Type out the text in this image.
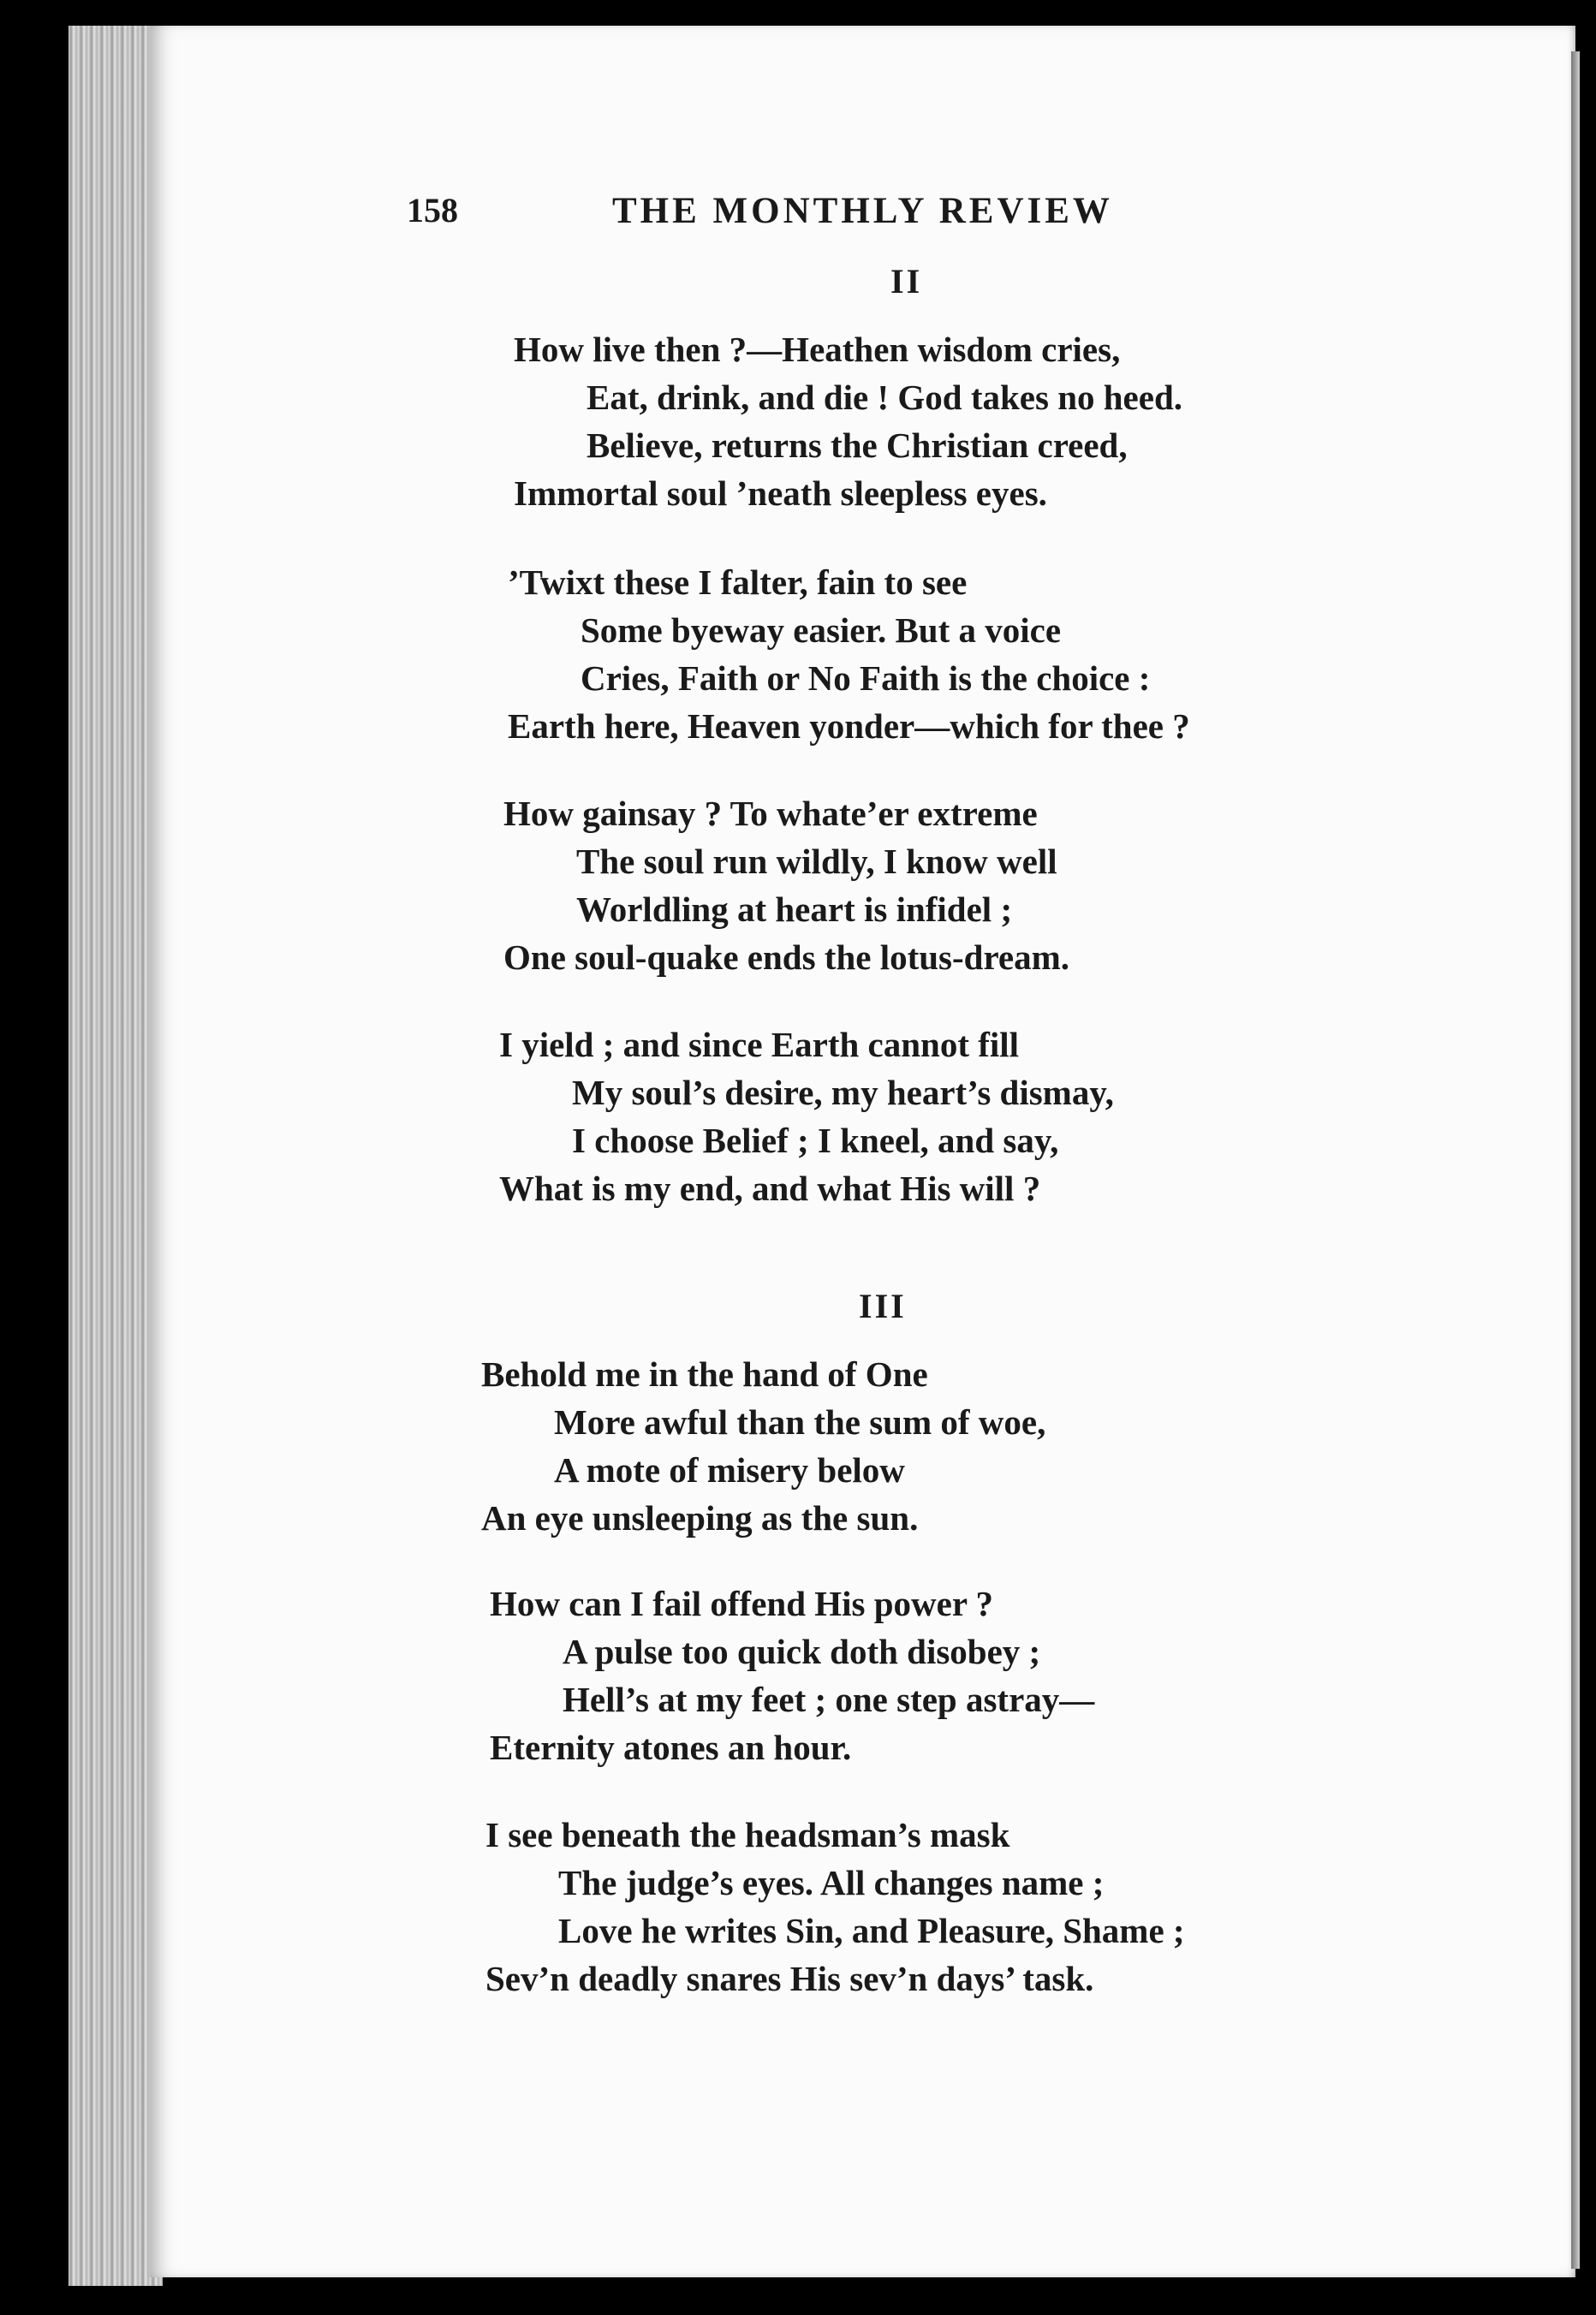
158	THE MONTHLY REVIEW
II
How live then ?—Heathen wisdom cries,
Eat, drink, and die ! God takes no heed.
Believe, returns the Christian creed,
Immortal soul ’neath sleepless eyes.
’Twixt these I falter, fain to see
Some byeway easier. But a voice
Cries, Faith or No Faith is the choice :
Earth here, Heaven yonder—which for thee ?
How gainsay ? To whate’er extreme
The soul run wildly, I know well
Worldling at heart is infidel ;
One soul-quake ends the lotus-dream.
I yield ; and since Earth cannot fill
My soul’s desire, my heart’s dismay,
I choose Belief ; I kneel, and say,
What is my end, and what His will ?
III
Behold me in the hand of One
More awful than the sum of woe,
A mote of misery below
An eye unsleeping as the sun.
How can I fail offend His power ?
A pulse too quick doth disobey ;
Hell’s at my feet ; one step astray—
Eternity atones an hour.
I see beneath the headsman’s mask
The judge’s eyes. All changes name ;
Love he writes Sin, and Pleasure, Shame ;
Sev’n deadly snares His sev’n days’ task.
